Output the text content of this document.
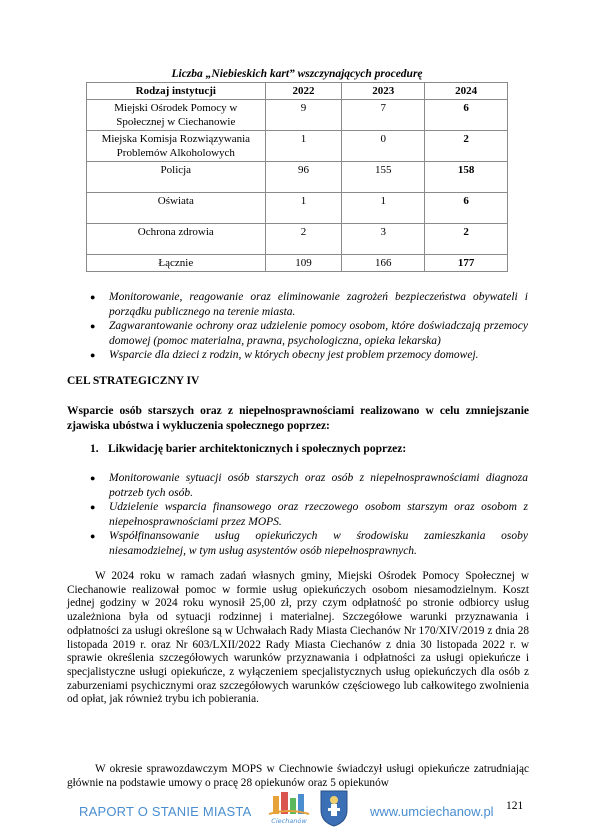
Liczba „Niebieskich kart” wszczynających procedurę
Rodzaj instytucji	2022	2023	2024
Miejski Ośrodek Pomocy w Społecznej w Ciechanowie	9	7	6
Miejska Komisja Rozwiązywania Problemów Alkoholowych	1	0	2
Policja	96	155	158
Oświata	1	1	6
Ochrona zdrowia	2	3	2
Łącznie	109	166	177
● Monitorowanie, reagowanie oraz eliminowanie zagrożeń bezpieczeństwa obywateli i porządku publicznego na terenie miasta.
● Zagwarantowanie ochrony oraz udzielenie pomocy osobom, które doświadczają przemocy domowej (pomoc materialna, prawna, psychologiczna, opieka lekarska)
● Wsparcie dla dzieci z rodzin, w których obecny jest problem przemocy domowej.
CEL STRATEGICZNY IV
Wsparcie osób starszych oraz z niepełnosprawnościami realizowano w celu zmniejszanie zjawiska ubóstwa i wykluczenia społecznego poprzez:
1. Likwidację barier architektonicznych i społecznych poprzez:
● Monitorowanie sytuacji osób starszych oraz osób z niepełnosprawnościami diagnoza potrzeb tych osób.
● Udzielenie wsparcia finansowego oraz rzeczowego osobom starszym oraz osobom z niepełnosprawnościami przez MOPS.
● Współfinansowanie usług opiekuńczych w środowisku zamieszkania osoby niesamodzielnej, w tym usług asystentów osób niepełnosprawnych.

W 2024 roku w ramach zadań własnych gminy, Miejski Ośrodek Pomocy Społecznej w Ciechanowie realizował pomoc w formie usług opiekuńczych osobom niesamodzielnym. Koszt jednej godziny w 2024 roku wynosił 25,00 zł, przy czym odpłatność po stronie odbiorcy usług uzależniona była od sytuacji rodzinnej i materialnej. Szczegółowe warunki przyznawania i odpłatności za usługi określone są w Uchwałach Rady Miasta Ciechanów Nr 170/XIV/2019 z dnia 28 listopada 2019 r. oraz Nr 603/LXII/2022 Rady Miasta Ciechanów z dnia 30 listopada 2022 r. w sprawie określenia szczegółowych warunków przyznawania i odpłatności za usługi opiekuńcze i specjalistyczne usługi opiekuńcze, z wyłączeniem specjalistycznych usług opiekuńczych dla osób z zaburzeniami psychicznymi oraz szczegółowych warunków częściowego lub całkowitego zwolnienia od opłat, jak również trybu ich pobierania.

W okresie sprawozdawczym MOPS w Ciechnowie świadczył usługi opiekuńcze zatrudniając głównie na podstawie umowy o pracę 28 opiekunów oraz 5 opiekunów

121
RAPORT O STANIE MIASTA
Ciechanów
www.umciechanow.pl
